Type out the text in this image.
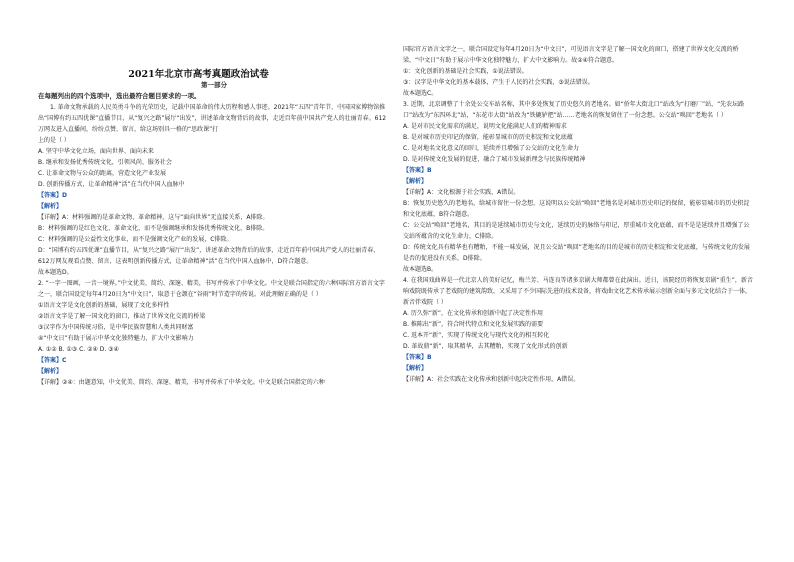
2021年北京市高考真题政治试卷
第一部分
在每题列出的四个选项中，选出最符合题目要求的一项。

1. 革命文物承载的人民英勇斗争的光荣历史，记载中国革命的伟大历程和感人事迹。2021年“五四”青年节，中国国家博物馆推出“国博有约五四优课”直播节目，从“复兴之路”展厅“出发”，讲述革命文物背后的故事，走近百年前中国共产党人的壮丽青春。612万网友进入直播间，纷纷点赞、留言，给这场别具一格的“思政课”打

上的是（ ）

A. 坚守中华文化立场，面向世界、面向未来

B. 继承和发扬优秀传统文化，引领风尚、服务社会

C. 让革命文物与公众的距离，营造文化产业发展

D. 创新传播方式，让革命精神“活”在当代中国人血脉中

【答案】D

【解析】

【详解】A：材料强调的是革命文物、革命精神，这与“面向世界”无直接关系，A排除。

B：材料强调的是红色文化、革命文化，而不是强调继承和发扬优秀传统文化，B排除。

C：材料强调的是公益性文化事业，而不是强调文化产业的发展，C排除。

D：“国博有约五四优课”直播节目，从“复兴之路”展厅“出发”，讲述革命文物背后的故事，走近百年前中国共产党人的壮丽青春，612万网友观看点赞、留言，这表明创新传播方式，让革命精神“活”在当代中国人血脉中，D符合题意。

故本题选D。

2. “一字一图画，一音一境界。”中文优美、简约、深邃、精美，书写并传承了中华文化。中文是联合国指定的六种国际官方语言文字之一，联合国设定每年4月20日为“中文日”，取意于仓颉在“谷雨”时节造字的传说。对此理解正确的是（ ）

①语言文字是文化创新的基础，展现了文化多样性

②语言文字是了解一国文化的窗口，推动了世界文化交流的桥梁

③汉字作为中国传统习俗，是中华民族智慧和人类共同财富

④“中文日”有助于展示中华文化独特魅力，扩大中文影响力

A. ①② B. ①③ C. ②④ D. ③④

【答案】C

【解析】

【详解】②④：由题意知，中文优美、简约、深邃、精美，书写并传承了中华文化。中文是联合国指定的六种

国际官方语言文字之一，联合国设定每年4月20日为“中文日”，可见语言文字是了解一国文化的窗口，搭建了世界文化交流的桥梁，“中文日”有助于展示中华文化独特魅力，扩大中文影响力。故②④符合题意。

①：文化创新的基础是社会实践，①说法错误。

③：汉字是中华文化的基本载体，产生于人民的社会实践，③说法错误。

故本题选C。

3. 近期，北京调整了十余处公交车站名称，其中多处恢复了历史悠久的老地名。如“侨年大街北口”站改为“打磨厂”站，“先农坛路口”站改为“东四环北”站，“东花市大街”站改为“铁辘轳把”站……老地名的恢复留住了一份念想。公交站“唤回”老地名（ ）

A. 是对市民文化需求的满足，说明文化能满足人们的精神需求

B. 是对城市历史印记的保留，能彰显城市的历史积淀和文化底蕴

C. 是对地名文化意义的回归，延续并且增强了公交站的文化生命力

D. 是对传统文化发展的促进，融合了城市发展新理念与民族传统精神

【答案】B

【解析】

【详解】A：文化根源于社会实践，A错误。

B：恢复历史悠久的老地名，给城市留住一份念想，这说明以公交站“唤回”老地名是对城市历史印记的保留，能彰显城市的历史积淀和文化底蕴，B符合题意。

C：公交站“唤回”老地名，其目的是延续城市历史与文化，延续历史的脉络与印记，厚重城市文化底蕴，而不是是延续并且增强了公交站所蕴含的文化生命力，C排除。

D：传统文化具有精华也有糟粕，不能一味发展，况且公交站“唤回”老地名的目的是城市的历史积淀和文化底蕴，与传统文化的发展是否的促进没有关系，D排除。

故本题选B。

4. 在我国戏曲界是一代北京人的美好记忆，梅兰芳、马连良等诸多京剧大师都曾在此演出。近日，该院经历将恢复京剧“重生”，新音响戏院既传承了老戏院的建筑韵致，又采用了不少国际先进的技术设备，将戏曲文化艺术传承展示创新全面与多元文化结合于一体，新音伴戏院（ ）

A. 历久弥“新”，在文化传承和创新中起了决定性作用

B. 推陈出“新”，符合时代特点和文化发展实践的需要

C. 返本开“新”，实现了传统文化与现代文化的相互转化

D. 革故鼎“新”，取其精华，去其糟粕，实现了文化形式的创新

【答案】B

【解析】

【详解】A：社会实践在文化传承和创新中起决定性作用，A错误。
